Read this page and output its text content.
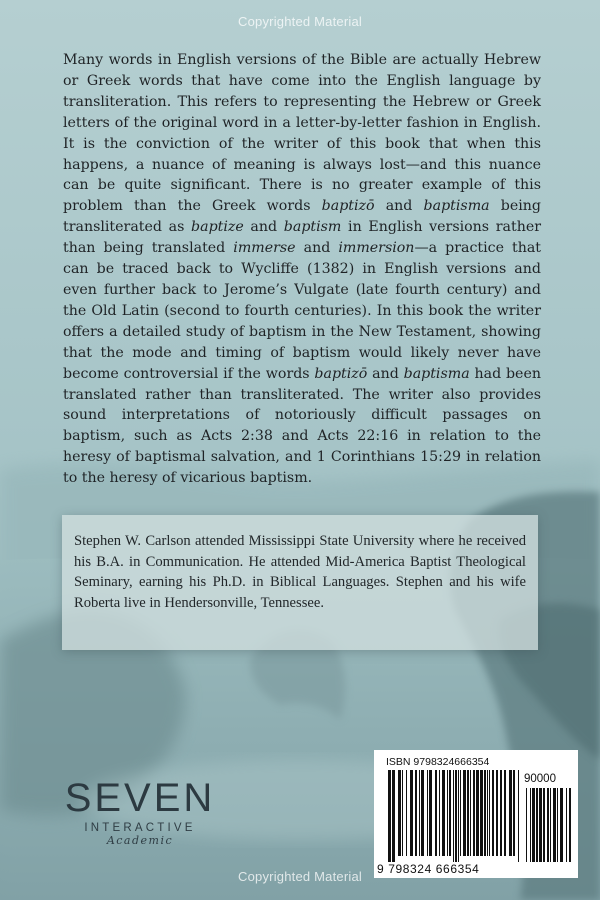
Copyrighted Material

Many words in English versions of the Bible are actually Hebrew or Greek words that have come into the English language by transliteration. This refers to representing the Hebrew or Greek letters of the original word in a letter-by-letter fashion in English. It is the conviction of the writer of this book that when this happens, a nuance of meaning is always lost—and this nuance can be quite significant. There is no greater example of this problem than the Greek words baptizō and baptisma being transliterated as baptize and baptism in English versions rather than being translated immerse and immersion—a practice that can be traced back to Wycliffe (1382) in English versions and even further back to Jerome’s Vulgate (late fourth century) and the Old Latin (second to fourth centuries). In this book the writer offers a detailed study of baptism in the New Testament, showing that the mode and timing of baptism would likely never have become controversial if the words baptizō and baptisma had been translated rather than transliterated. The writer also provides sound interpretations of notoriously difficult passages on baptism, such as Acts 2:38 and Acts 22:16 in relation to the heresy of baptismal salvation, and 1 Corinthians 15:29 in relation to the heresy of vicarious baptism.

Stephen W. Carlson attended Mississippi State University where he received his B.A. in Communication. He attended Mid-America Baptist Theological Seminary, earning his Ph.D. in Biblical Languages. Stephen and his wife Roberta live in Hendersonville, Tennessee.

SEVEN
INTERACTIVE
Academic
ISBN 9798324666354
90000
9 798324 666354
Copyrighted Material
